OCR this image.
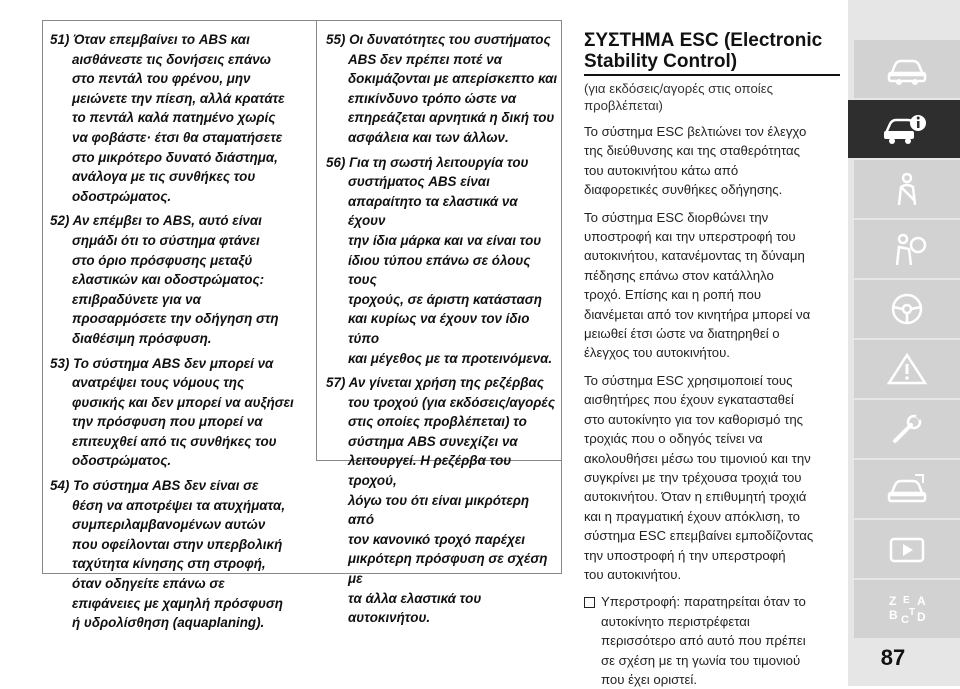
51) Όταν επεμβαίνει το ABS και
aισθάνεστε τις δονήσεις επάνω
στο πεντάλ του φρένου, μην
μειώνετε την πίεση, αλλά κρατάτε
το πεντάλ καλά πατημένο χωρίς
να φοβάστε· έτσι θα σταματήσετε
στο μικρότερο δυνατό διάστημα,
ανάλογα με τις συνθήκες του
οδοστρώματος.

52) Αν επέμβει το ABS, αυτό είναι
σημάδι ότι το σύστημα φτάνει
στο όριο πρόσφυσης μεταξύ
ελαστικών και οδοστρώματος:
επιβραδύνετε για να
προσαρμόσετε την οδήγηση στη
διαθέσιμη πρόσφυση.

53) Το σύστημα ABS δεν μπορεί να
ανατρέψει τους νόμους της
φυσικής και δεν μπορεί να αυξήσει
την πρόσφυση που μπορεί να
επιτευχθεί από τις συνθήκες του
οδοστρώματος.

54) Το σύστημα ABS δεν είναι σε
θέση να αποτρέψει τα ατυχήματα,
συμπεριλαμβανομένων αυτών
που οφείλονται στην υπερβολική
ταχύτητα κίνησης στη στροφή,
όταν οδηγείτε επάνω σε
επιφάνειες με χαμηλή πρόσφυση
ή υδρολίσθηση (aquaplaning).

55) Οι δυνατότητες του συστήματος
ABS δεν πρέπει ποτέ να
δοκιμάζονται με απερίσκεπτο και
επικίνδυνο τρόπο ώστε να
επηρεάζεται αρνητικά η δική του
ασφάλεια και των άλλων.

56) Για τη σωστή λειτουργία του
συστήματος ABS είναι
απαραίτητο τα ελαστικά να έχουν
την ίδια μάρκα και να είναι του
ίδιου τύπου επάνω σε όλους τους
τροχούς, σε άριστη κατάσταση
και κυρίως να έχουν τον ίδιο τύπο
και μέγεθος με τα προτεινόμενα.

57) Αν γίνεται χρήση της ρεζέρβας
του τροχού (για εκδόσεις/αγορές
στις οποίες προβλέπεται) το
σύστημα ABS συνεχίζει να
λειτουργεί. Η ρεζέρβα του τροχού,
λόγω του ότι είναι μικρότερη από
τον κανονικό τροχό παρέχει
μικρότερη πρόσφυση σε σχέση με
τα άλλα ελαστικά του
αυτοκινήτου.

ΣΥΣΤΗΜΑ ESC (Electronic
Stability Control)

(για εκδόσεις/αγορές στις οποίες
προβλέπεται)

Το σύστημα ESC βελτιώνει τον έλεγχο
της διεύθυνσης και της σταθερότητας
του αυτοκινήτου κάτω από
διαφορετικές συνθήκες οδήγησης.

Το σύστημα ESC διορθώνει την
υποστροφή και την υπερστροφή του
αυτοκινήτου, κατανέμοντας τη δύναμη
πέδησης επάνω στον κατάλληλο
τροχό. Επίσης και η ροπή που
διανέμεται από τον κινητήρα μπορεί να
μειωθεί έτσι ώστε να διατηρηθεί ο
έλεγχος του αυτοκινήτου.

Το σύστημα ESC χρησιμοποιεί τους
αισθητήρες που έχουν εγκατασταθεί
στο αυτοκίνητο για τον καθορισμό της
τροχιάς που ο οδηγός τείνει να
ακολουθήσει μέσω του τιμονιού και την
συγκρίνει με την τρέχουσα τροχιά του
αυτοκινήτου. Όταν η επιθυμητή τροχιά
και η πραγματική έχουν απόκλιση, το
σύστημα ESC επεμβαίνει εμποδίζοντας
την υποστροφή ή την υπερστροφή
του αυτοκινήτου.

Υπερστροφή: παρατηρείται όταν το
αυτοκίνητο περιστρέφεται
περισσότερο από αυτό που πρέπει
σε σχέση με τη γωνία του τιμονιού
που έχει οριστεί.
Z E
B C
T D
A
87
